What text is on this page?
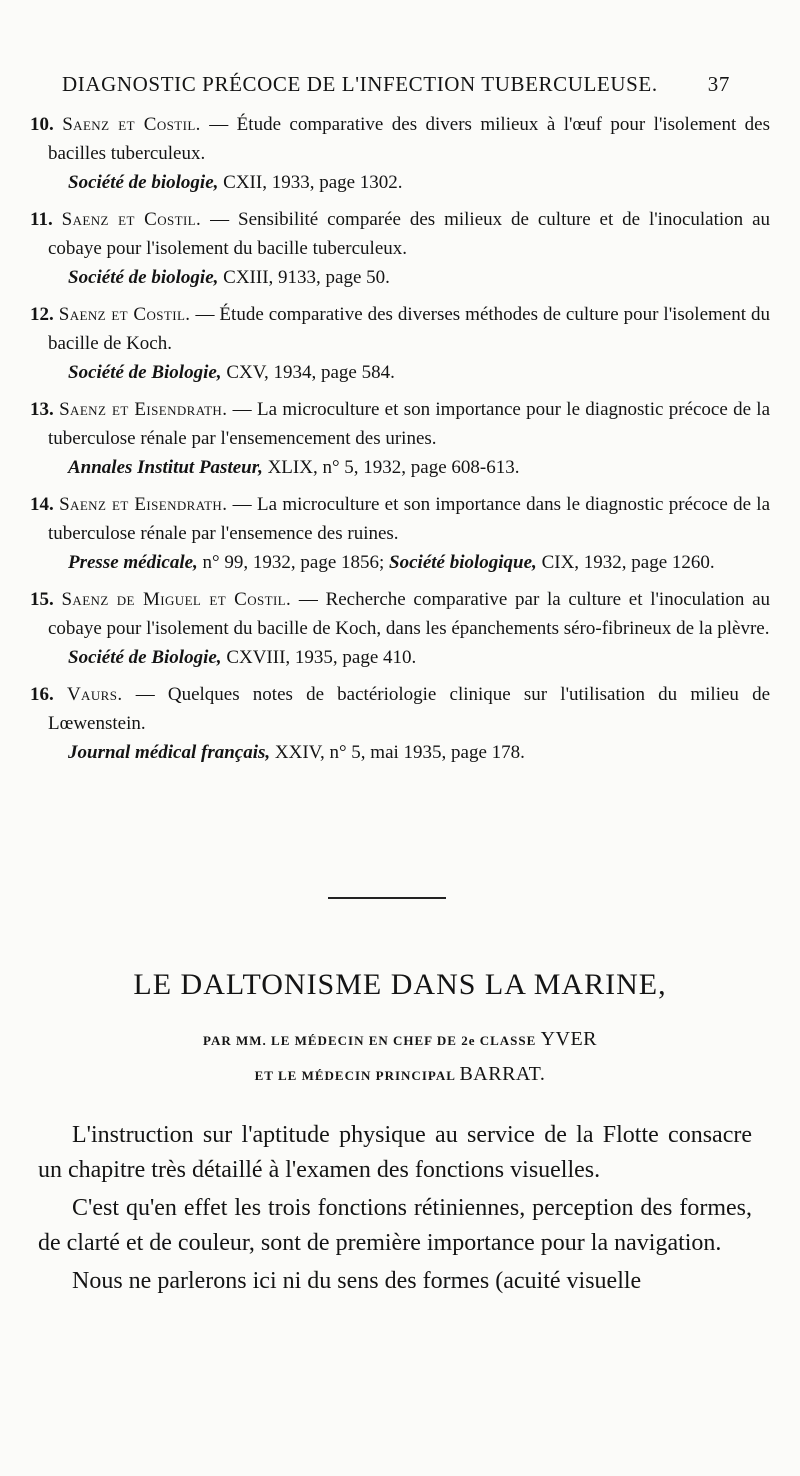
DIAGNOSTIC PRÉCOCE DE L'INFECTION TUBERCULEUSE. 37
10. Saenz et Costil. — Étude comparative des divers milieux à l'œuf pour l'isolement des bacilles tuberculeux.
Société de biologie, CXII, 1933, page 1302.
11. Saenz et Costil. — Sensibilité comparée des milieux de culture et de l'inoculation au cobaye pour l'isolement du bacille tuberculeux.
Société de biologie, CXIII, 9133, page 50.
12. Saenz et Costil. — Étude comparative des diverses méthodes de culture pour l'isolement du bacille de Koch.
Société de Biologie, CXV, 1934, page 584.
13. Saenz et Eisendrath. — La microculture et son importance pour le diagnostic précoce de la tuberculose rénale par l'ensemencement des urines.
Annales Institut Pasteur, XLIX, n° 5, 1932, page 608-613.
14. Saenz et Eisendrath. — La microculture et son importance dans le diagnostic précoce de la tuberculose rénale par l'ensemence des ruines.
Presse médicale, n° 99, 1932, page 1856; Société biologique, CIX, 1932, page 1260.
15. Saenz de Miguel et Costil. — Recherche comparative par la culture et l'inoculation au cobaye pour l'isolement du bacille de Koch, dans les épanchements séro-fibrineux de la plèvre.
Société de Biologie, CXVIII, 1935, page 410.
16. Vaurs. — Quelques notes de bactériologie clinique sur l'utilisation du milieu de Lœwenstein.
Journal médical français, XXIV, n° 5, mai 1935, page 178.
LE DALTONISME DANS LA MARINE,
PAR MM. LE MÉDECIN EN CHEF DE 2e CLASSE YVER
ET LE MÉDECIN PRINCIPAL BARRAT.

L'instruction sur l'aptitude physique au service de la Flotte consacre un chapitre très détaillé à l'examen des fonctions visuelles.

C'est qu'en effet les trois fonctions rétiniennes, perception des formes, de clarté et de couleur, sont de première importance pour la navigation.

Nous ne parlerons ici ni du sens des formes (acuité visuelle
